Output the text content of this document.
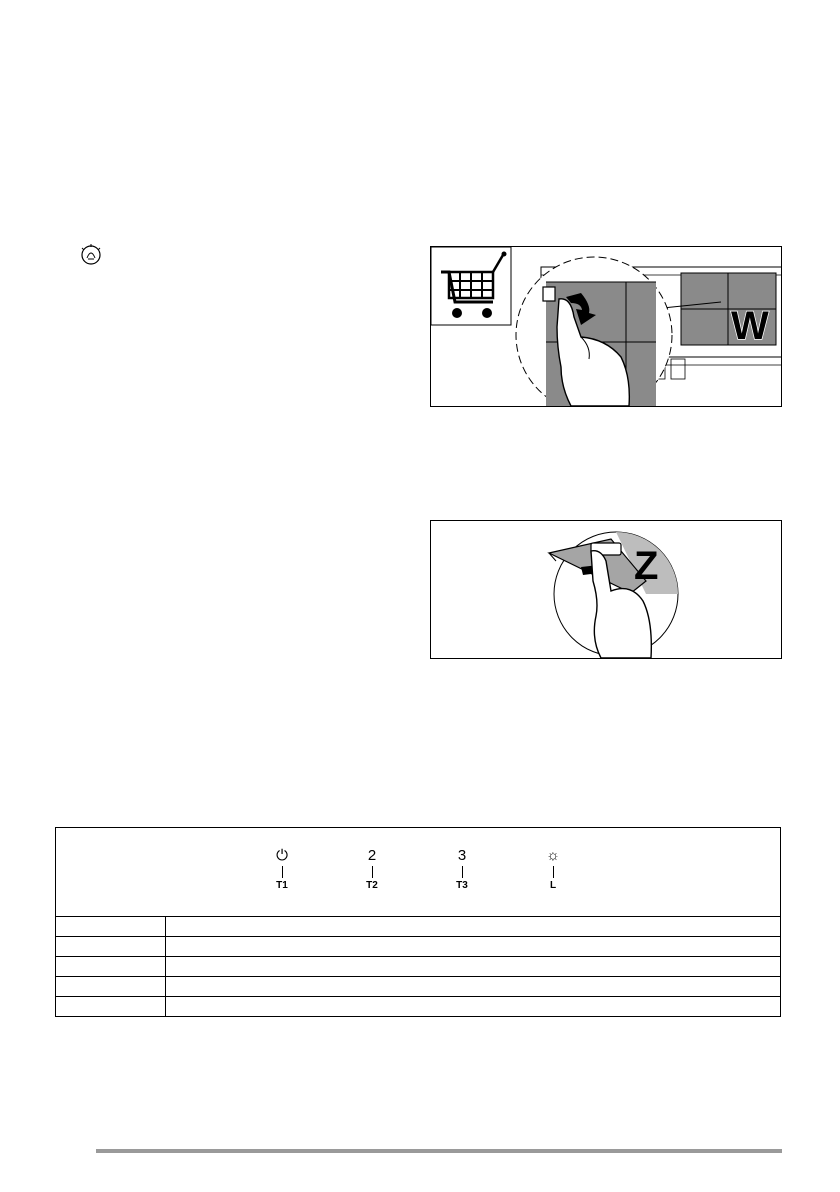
W
Z
⏻
T1
2
T2
3
T3
☼
L
